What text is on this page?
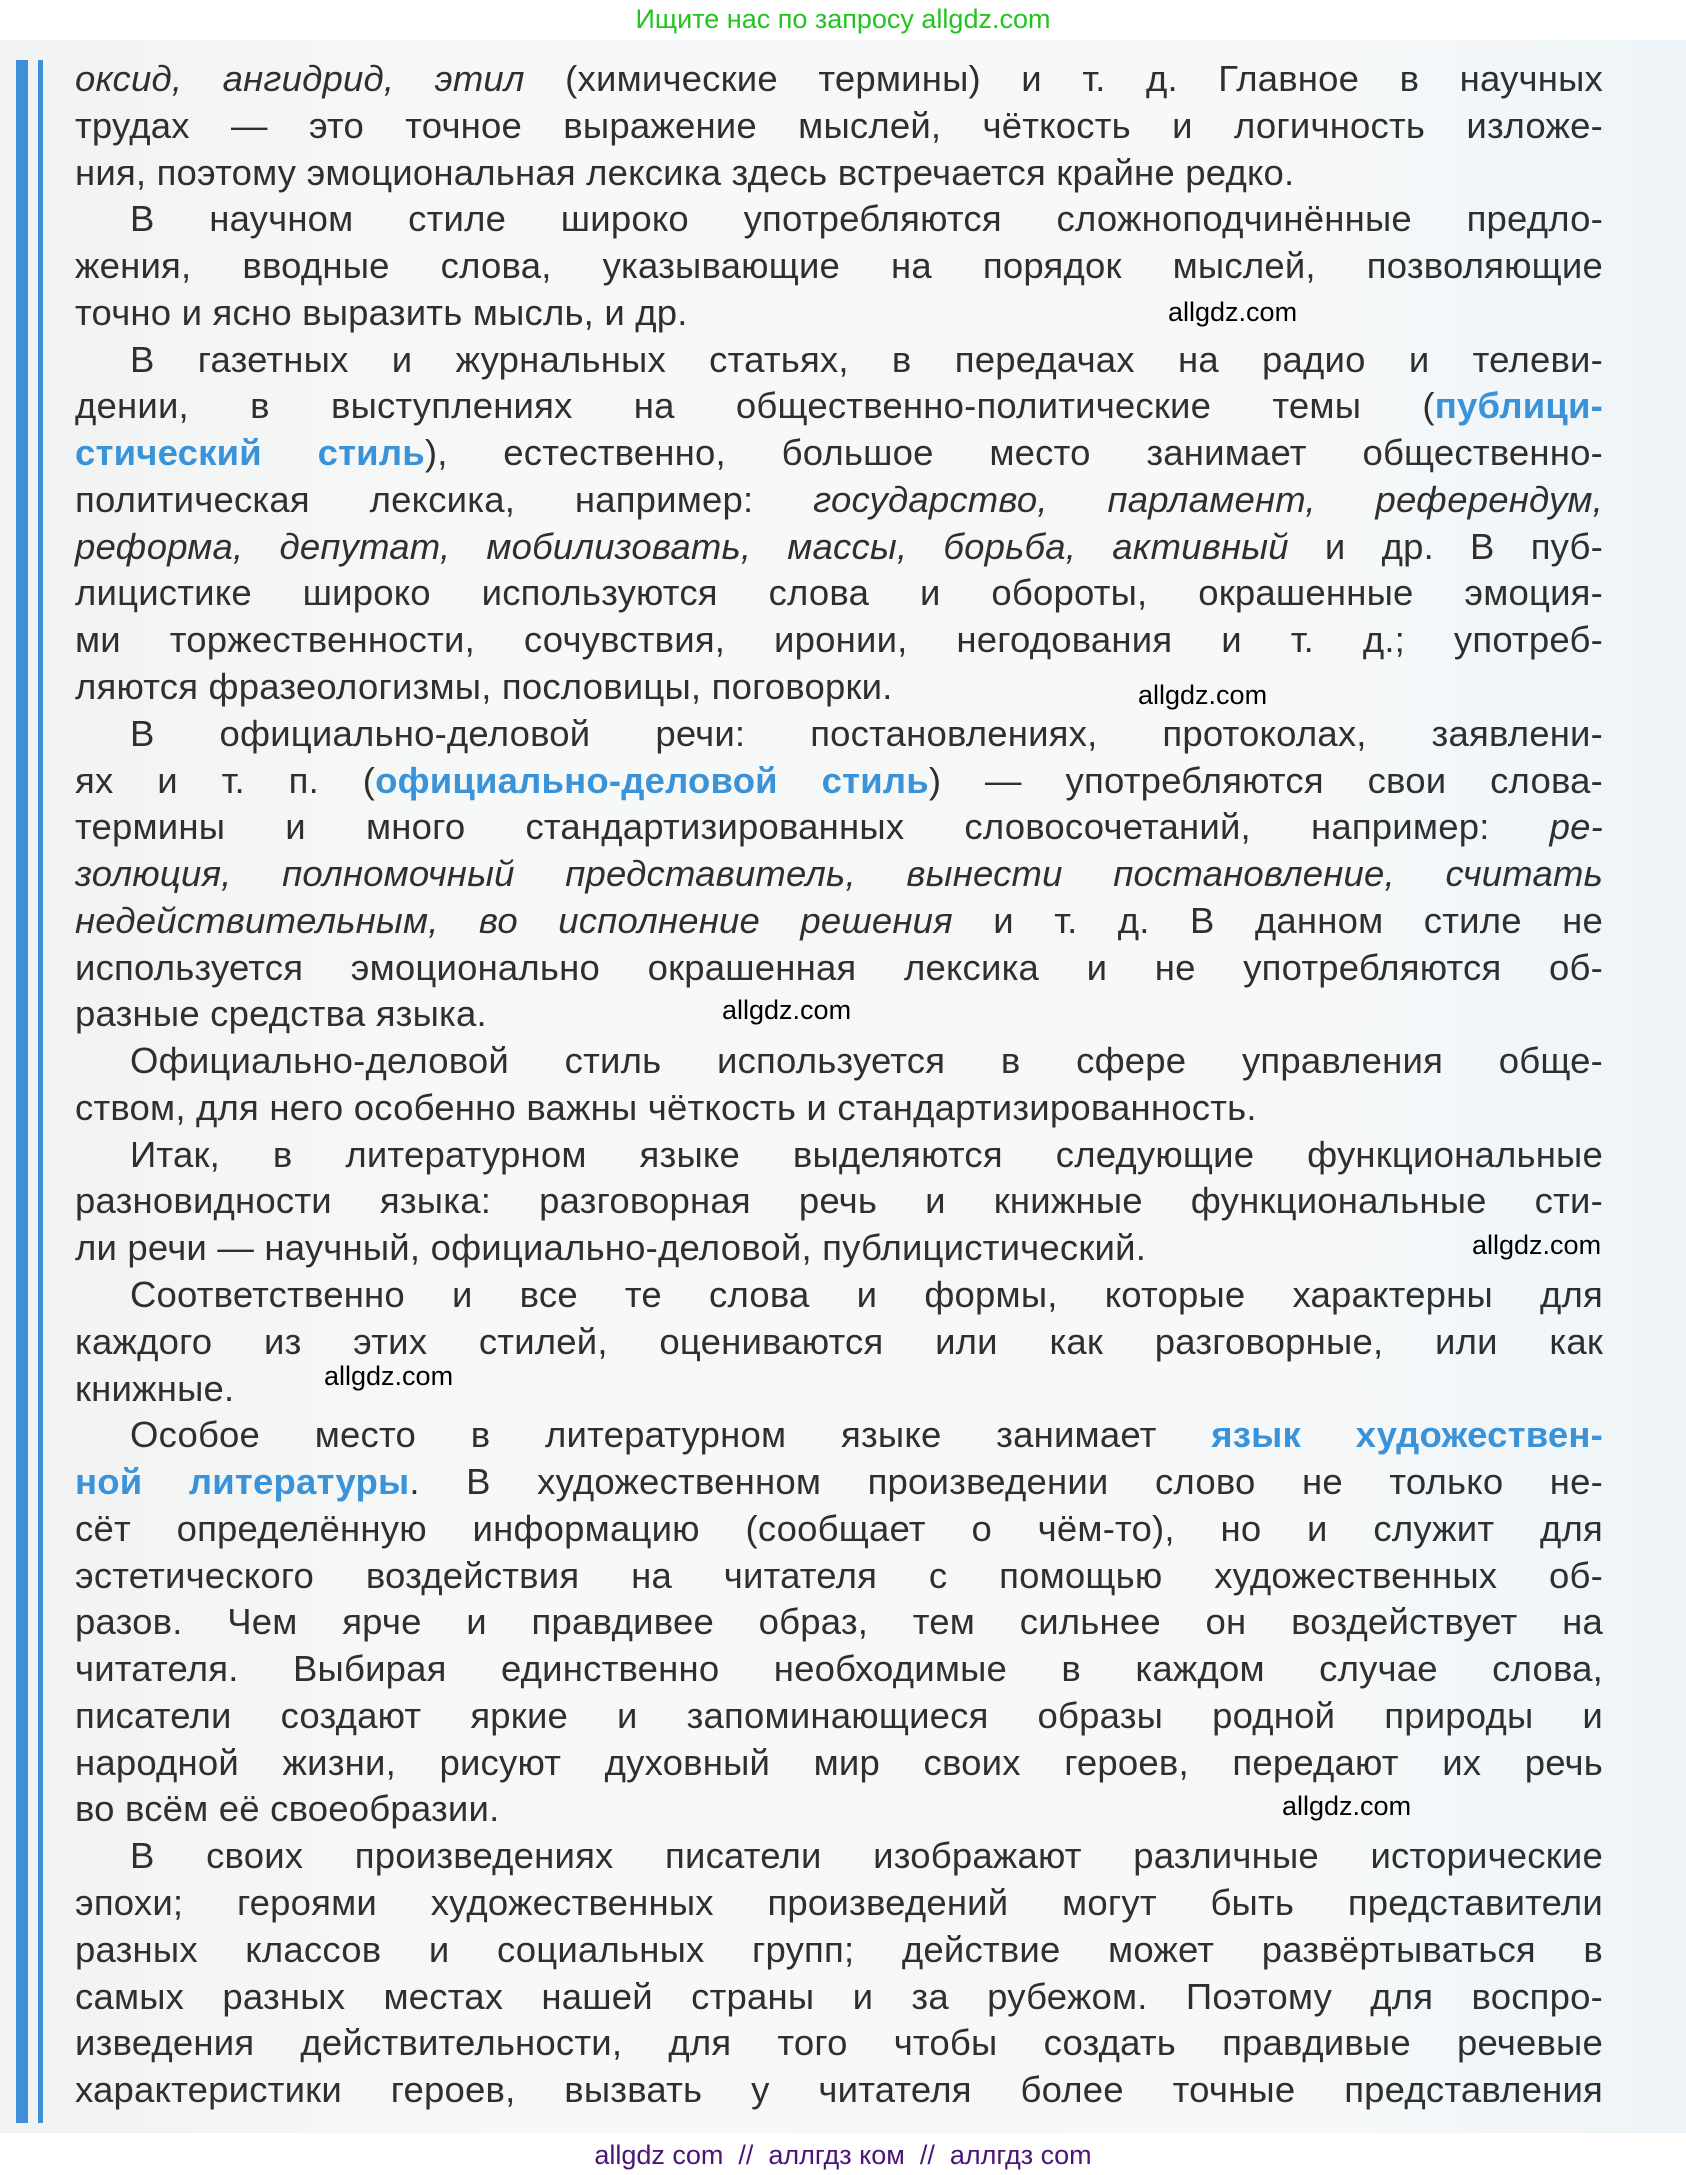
Ищите нас по запросу allgdz.com
оксид, ангидрид, этил (химические термины) и т. д. Главное в научных
трудах — это точное выражение мыслей, чёткость и логичность изложе-
ния, поэтому эмоциональная лексика здесь встречается крайне редко.
В научном стиле широко употребляются сложноподчинённые предло-
жения, вводные слова, указывающие на порядок мыслей, позволяющие
точно и ясно выразить мысль, и др.
В газетных и журнальных статьях, в передачах на радио и телеви-
дении, в выступлениях на общественно-политические темы (публици-
стический стиль), естественно, большое место занимает общественно-
политическая лексика, например: государство, парламент, референдум,
реформа, депутат, мобилизовать, массы, борьба, активный и др. В пуб-
лицистике широко используются слова и обороты, окрашенные эмоция-
ми торжественности, сочувствия, иронии, негодования и т. д.; употреб-
ляются фразеологизмы, пословицы, поговорки.
В официально-деловой речи: постановлениях, протоколах, заявлени-
ях и т. п. (официально-деловой стиль) — употребляются свои слова-
термины и много стандартизированных словосочетаний, например: ре-
золюция, полномочный представитель, вынести постановление, считать
недействительным, во исполнение решения и т. д. В данном стиле не
используется эмоционально окрашенная лексика и не употребляются об-
разные средства языка.
Официально-деловой стиль используется в сфере управления обще-
ством, для него особенно важны чёткость и стандартизированность.
Итак, в литературном языке выделяются следующие функциональные
разновидности языка: разговорная речь и книжные функциональные сти-
ли речи — научный, официально-деловой, публицистический.
Соответственно и все те слова и формы, которые характерны для
каждого из этих стилей, оцениваются или как разговорные, или как
книжные.
Особое место в литературном языке занимает язык художествен-
ной литературы. В художественном произведении слово не только не-
сёт определённую информацию (сообщает о чём-то), но и служит для
эстетического воздействия на читателя с помощью художественных об-
разов. Чем ярче и правдивее образ, тем сильнее он воздействует на
читателя. Выбирая единственно необходимые в каждом случае слова,
писатели создают яркие и запоминающиеся образы родной природы и
народной жизни, рисуют духовный мир своих героев, передают их речь
во всём её своеобразии.
В своих произведениях писатели изображают различные исторические
эпохи; героями художественных произведений могут быть представители
разных классов и социальных групп; действие может развёртываться в
самых разных местах нашей страны и за рубежом. Поэтому для воспро-
изведения действительности, для того чтобы создать правдивые речевые
характеристики героев, вызвать у читателя более точные представления
allgdz.com
allgdz.com
allgdz.com
allgdz.com
allgdz.com
allgdz.com
allgdz com  //  аллгдз ком  //  аллгдз com
